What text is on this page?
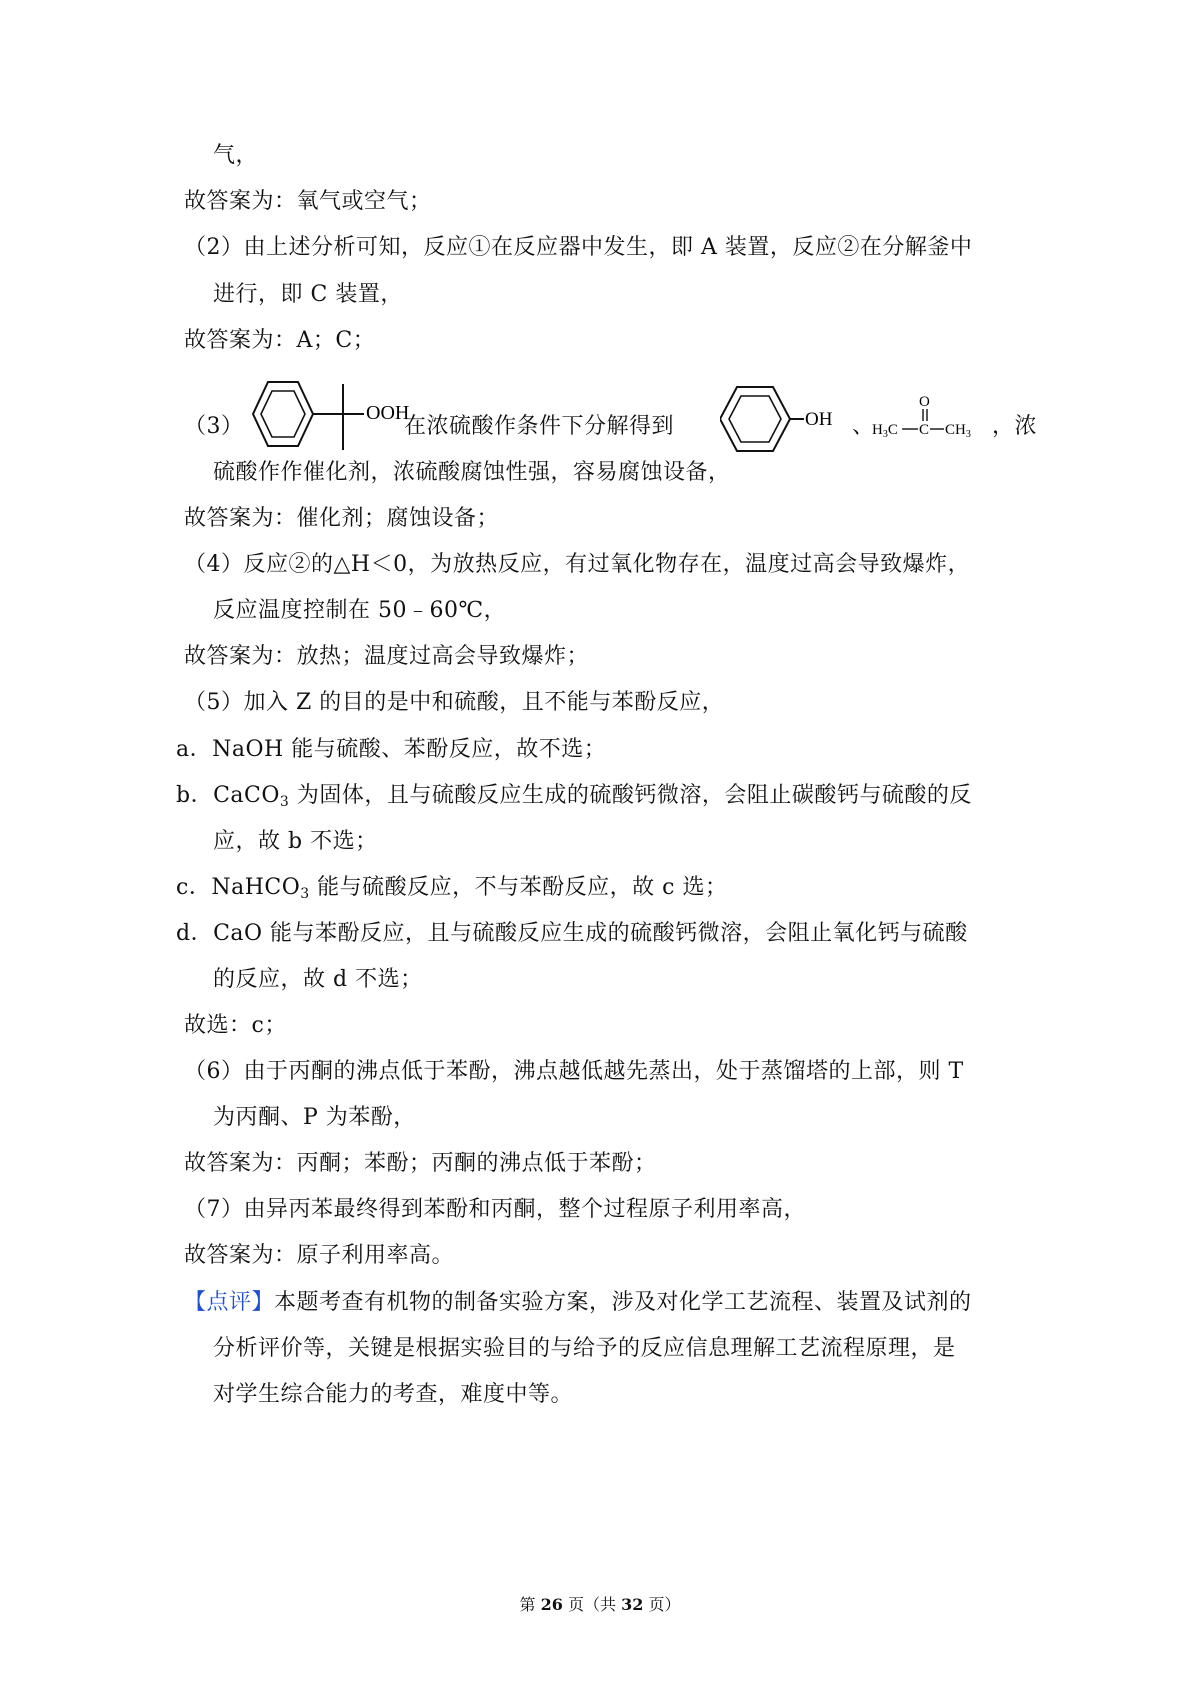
气，
故答案为：氧气或空气；
（2）由上述分析可知，反应①在反应器中发生，即 A 装置，反应②在分解釜中
进行，即 C 装置，
故答案为：A；C；
（3）
OOH
在浓硫酸作条件下分解得到	OH 、
$H_3C$ C
O
$CH_3$ ，浓
硫酸作作催化剂，浓硫酸腐蚀性强，容易腐蚀设备，
故答案为：催化剂；腐蚀设备；
（4）反应②的△H＜0，为放热反应，有过氧化物存在，温度过高会导致爆炸，
反应温度控制在 50﹣60℃，
故答案为：放热；温度过高会导致爆炸；
（5）加入 Z 的目的是中和硫酸，且不能与苯酚反应，
a．NaOH 能与硫酸、苯酚反应，故不选；
b．CaCO$_3$ 为固体，且与硫酸反应生成的硫酸钙微溶，会阻止碳酸钙与硫酸的反
应，故 b 不选；
c．NaHCO$_3$ 能与硫酸反应，不与苯酚反应，故 c 选；
d．CaO 能与苯酚反应，且与硫酸反应生成的硫酸钙微溶，会阻止氧化钙与硫酸
的反应，故 d 不选；
故选：c；
（6）由于丙酮的沸点低于苯酚，沸点越低越先蒸出，处于蒸馏塔的上部，则 T
为丙酮、P 为苯酚，
故答案为：丙酮；苯酚；丙酮的沸点低于苯酚；
（7）由异丙苯最终得到苯酚和丙酮，整个过程原子利用率高，
故答案为：原子利用率高。
【点评】本题考查有机物的制备实验方案，涉及对化学工艺流程、装置及试剂的
分析评价等，关键是根据实验目的与给予的反应信息理解工艺流程原理，是
对学生综合能力的考查，难度中等。
第 26 页（共 32 页）
